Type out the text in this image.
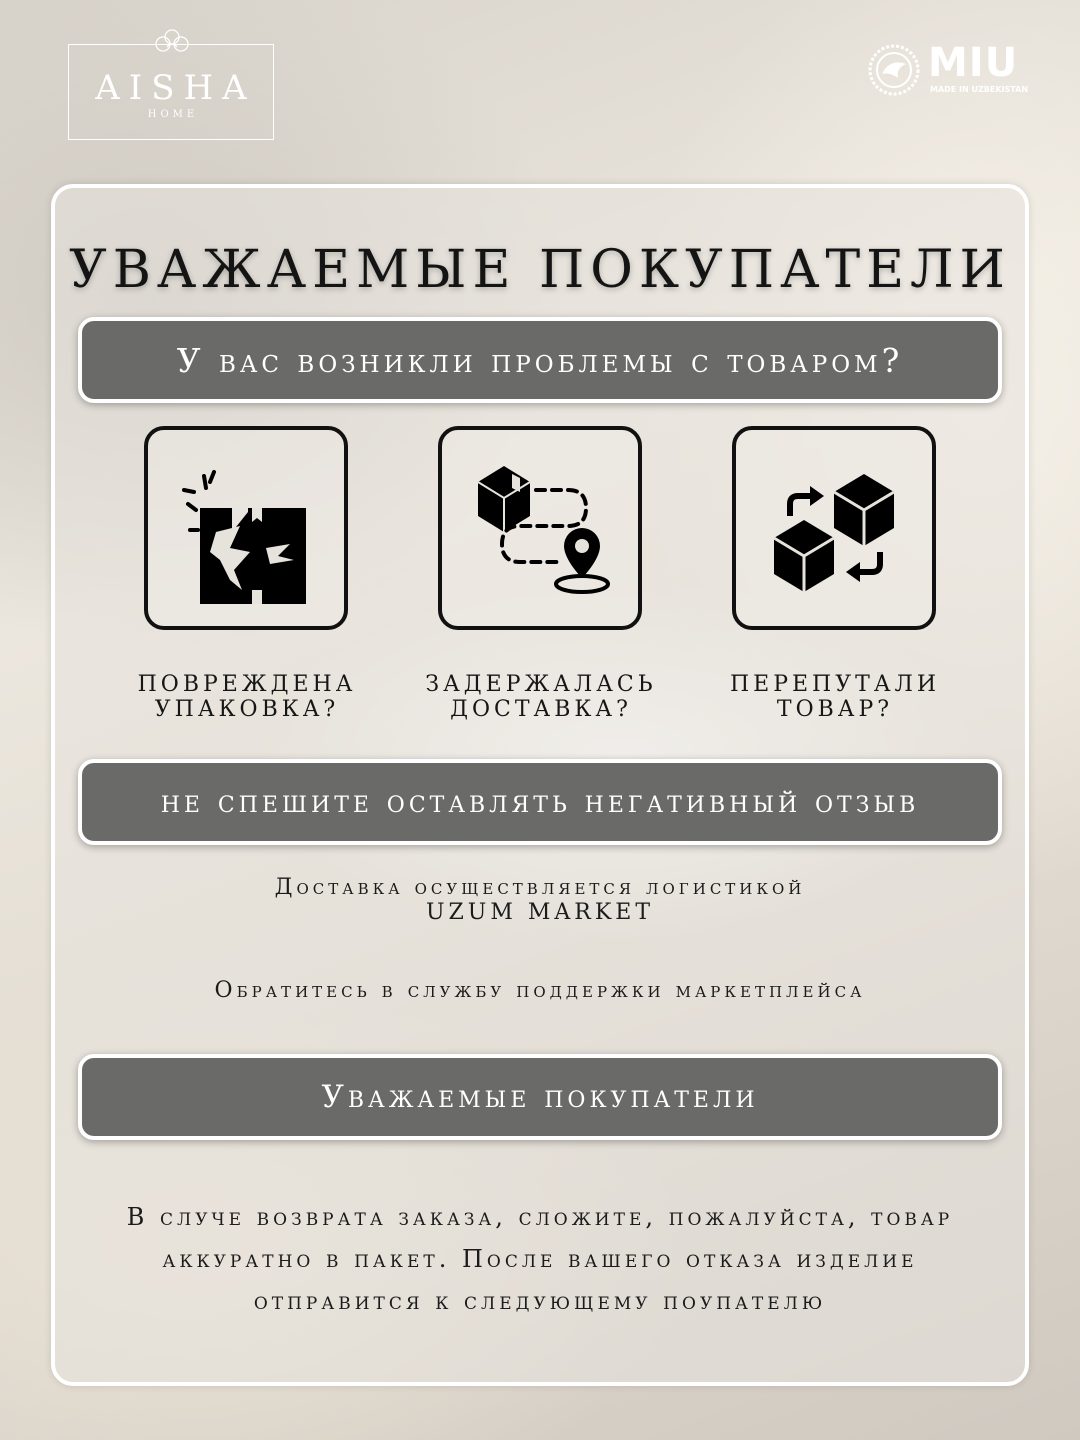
AISHA
HOME
MIU
MADE IN UZBEKISTAN
УВАЖАЕМЫЕ ПОКУПАТЕЛИ
У вас возникли проблемы с товаром?
ПОВРЕЖДЕНА
УПАКОВКА?
ЗАДЕРЖАЛАСЬ
ДОСТАВКА?
ПЕРЕПУТАЛИ
ТОВАР?
не спешите оставлять негативный отзыв
Доставка осуществляется логистикой
UZUM MARKET
Обратитесь в службу поддержки маркетплейса
Уважаемые покупатели
В случе возврата заказа, сложите, пожалуйста, товар
аккуратно в пакет. После вашего отказа изделие
отправится к следующему поупателю
